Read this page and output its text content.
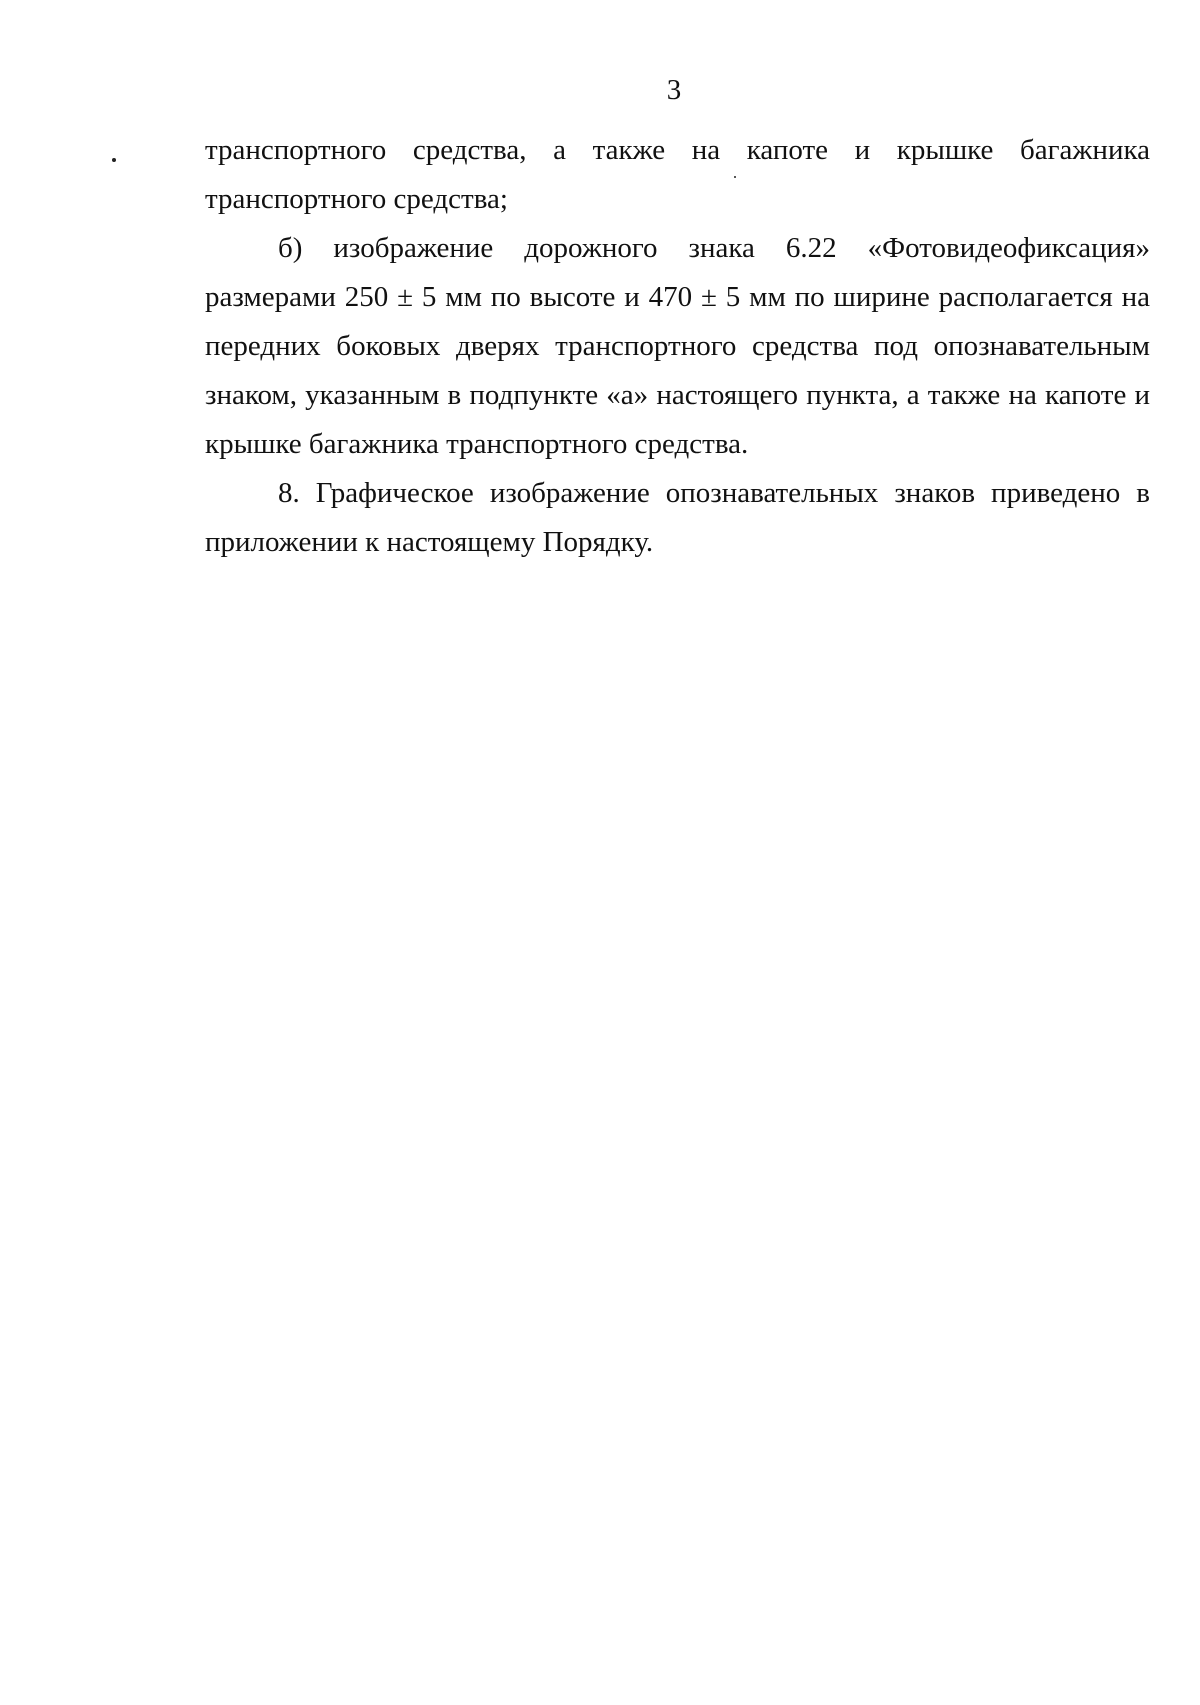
3

транспортного средства, а также на капоте и крышке багажника транспортного средства;

б) изображение дорожного знака 6.22 «Фотовидеофиксация» размерами 250 ± 5 мм по высоте и 470 ± 5 мм по ширине располагается на передних боковых дверях транспортного средства под опознавательным знаком, указанным в подпункте «а» настоящего пункта, а также на капоте и крышке багажника транспортного средства.

8. Графическое изображение опознавательных знаков приведено в приложении к настоящему Порядку.
